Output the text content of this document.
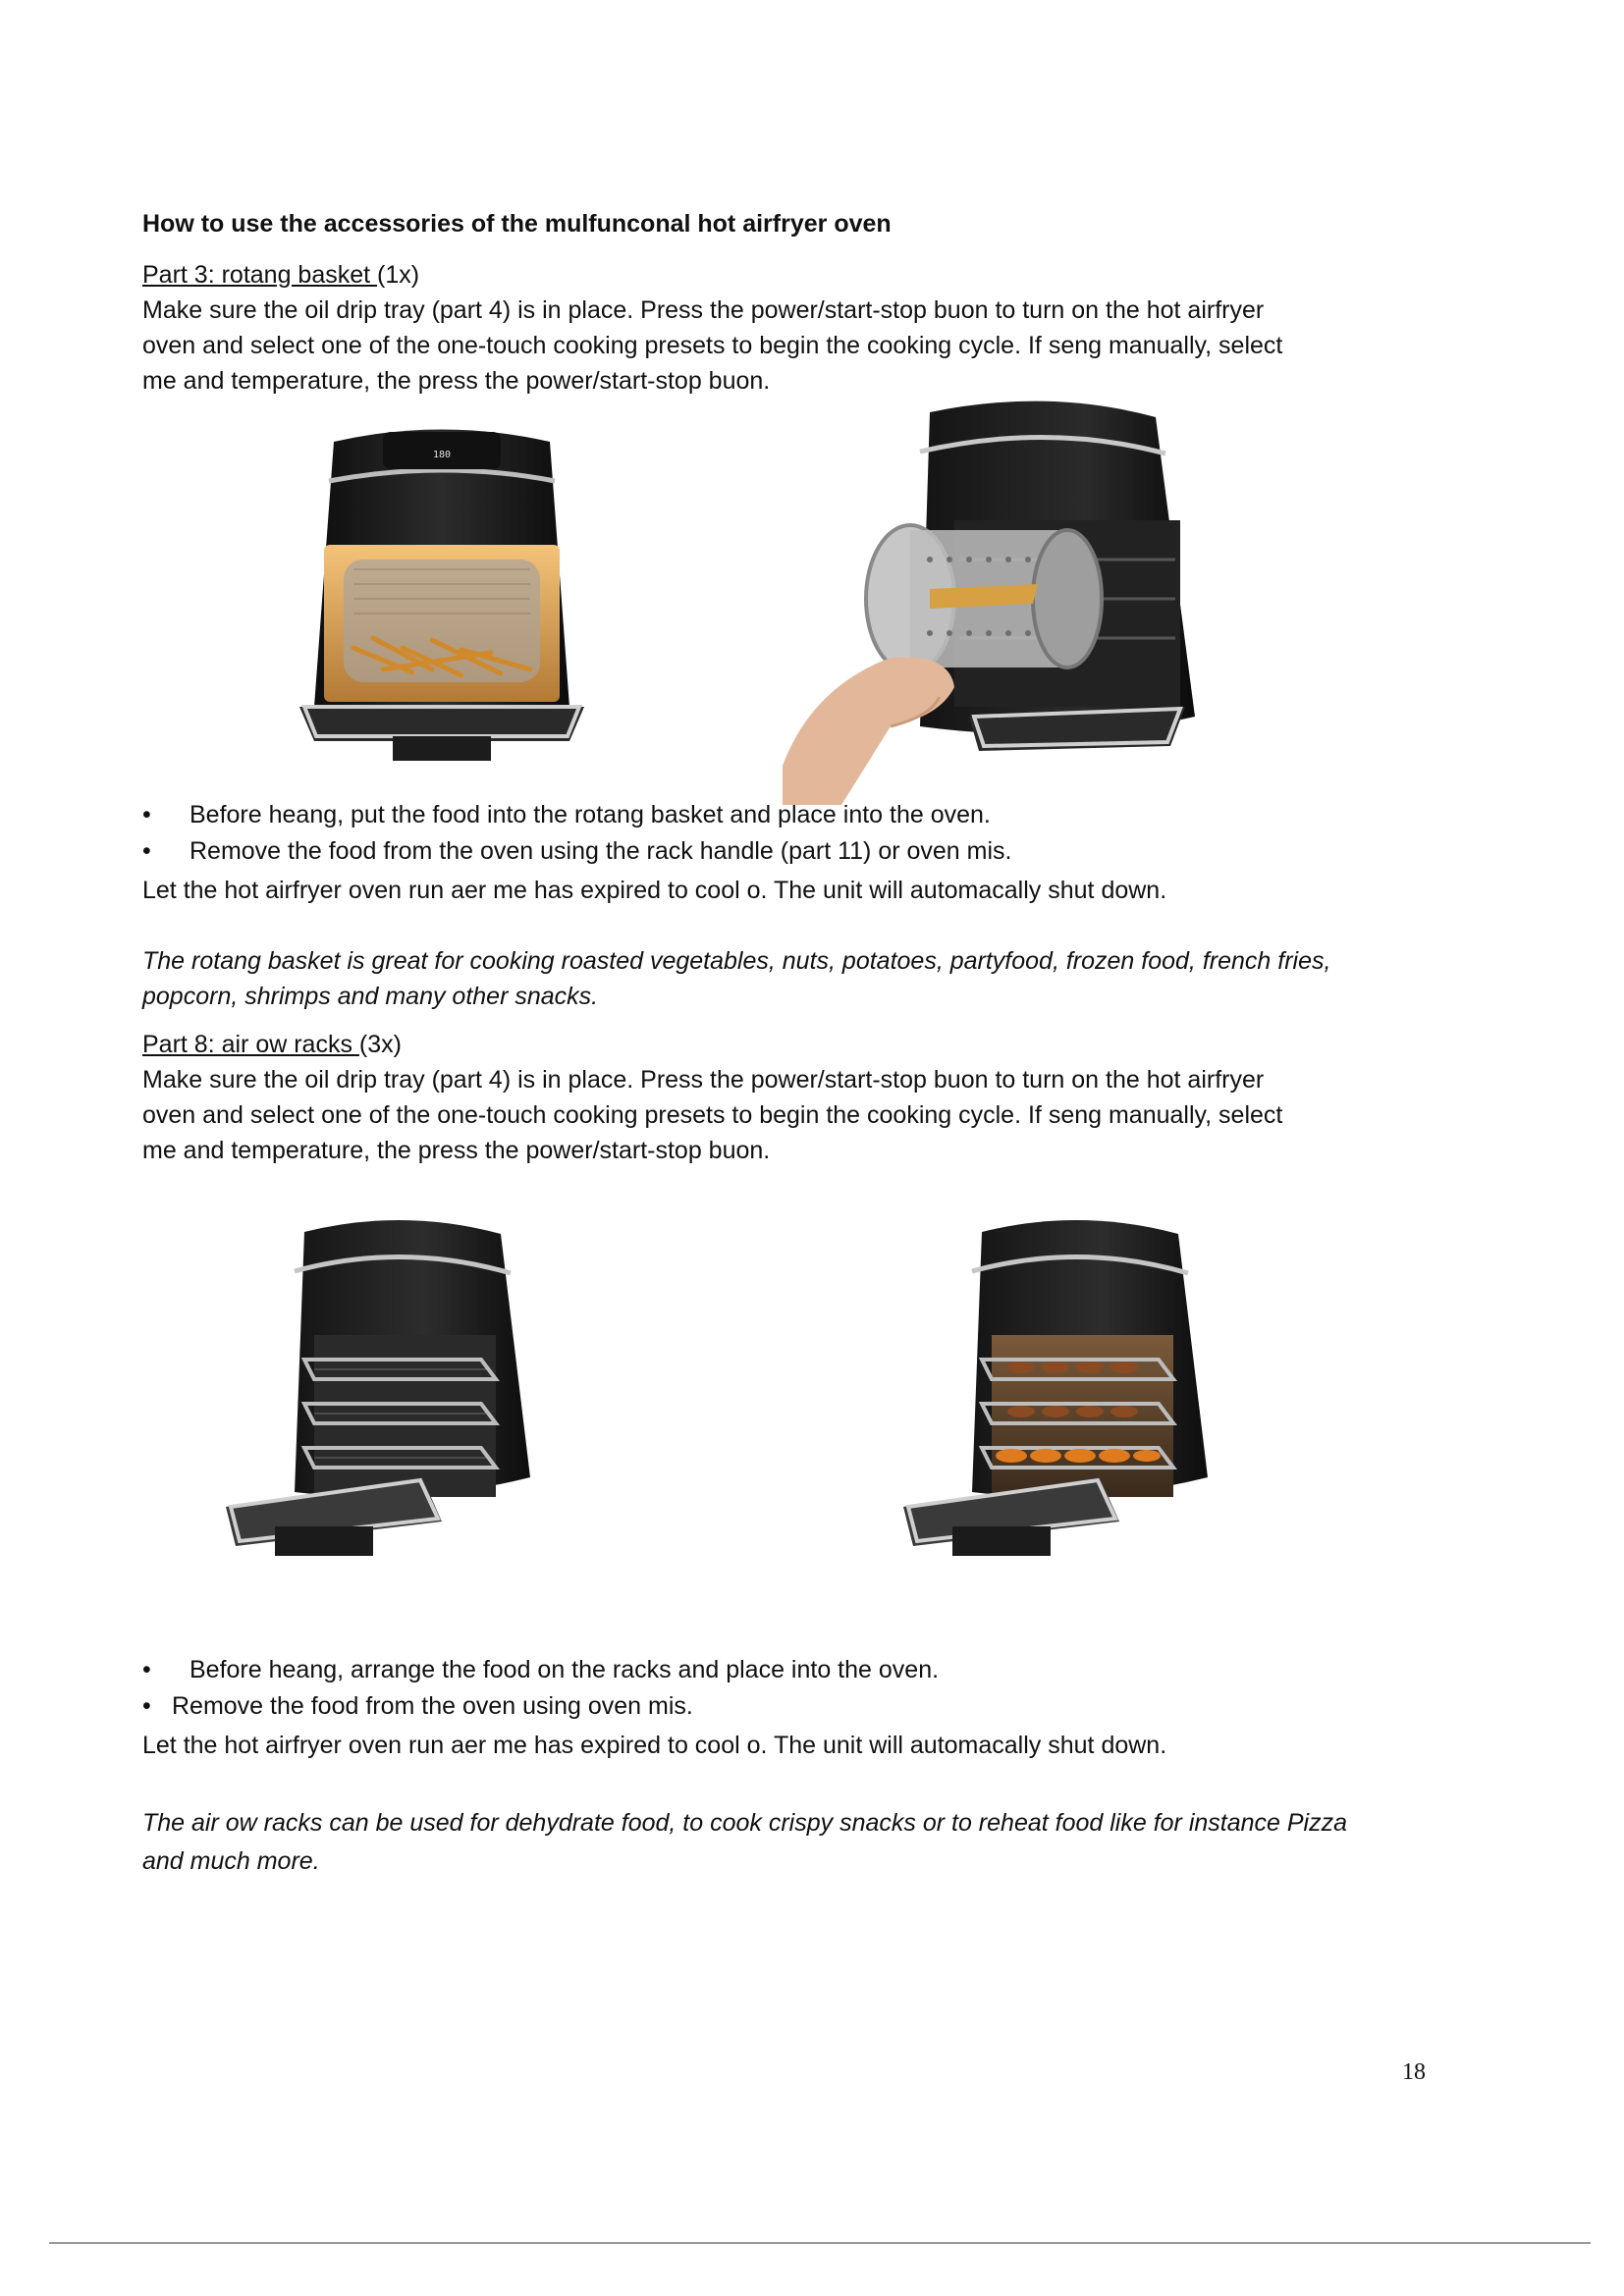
How to use the accessories of the mulfunconal hot airfryer oven
Part 3: rotang basket (1x)

Make sure the oil drip tray (part 4) is in place. Press the power/start-stop buon to turn on the hot airfryer

oven and select one of the one-touch cooking presets to begin the cooking cycle. If seng manually, select

me and temperature, the press the power/start-stop buon.

180
• Before heang, put the food into the rotang basket and place into the oven.
• Remove the food from the oven using the rack handle (part 11) or oven mis.
Let the hot airfryer oven run aer me has expired to cool o. The unit will automacally shut down.

The rotang basket is great for cooking roasted vegetables, nuts, potatoes, partyfood, frozen food, french fries,

popcorn, shrimps and many other snacks.

Part 8: air ow racks (3x)

Make sure the oil drip tray (part 4) is in place. Press the power/start-stop buon to turn on the hot airfryer

oven and select one of the one-touch cooking presets to begin the cooking cycle. If seng manually, select

me and temperature, the press the power/start-stop buon.

• Before heang, arrange the food on the racks and place into the oven.
• Remove the food from the oven using oven mis.
Let the hot airfryer oven run aer me has expired to cool o. The unit will automacally shut down.

The air ow racks can be used for dehydrate food, to cook crispy snacks or to reheat food like for instance Pizza

and much more.

18
